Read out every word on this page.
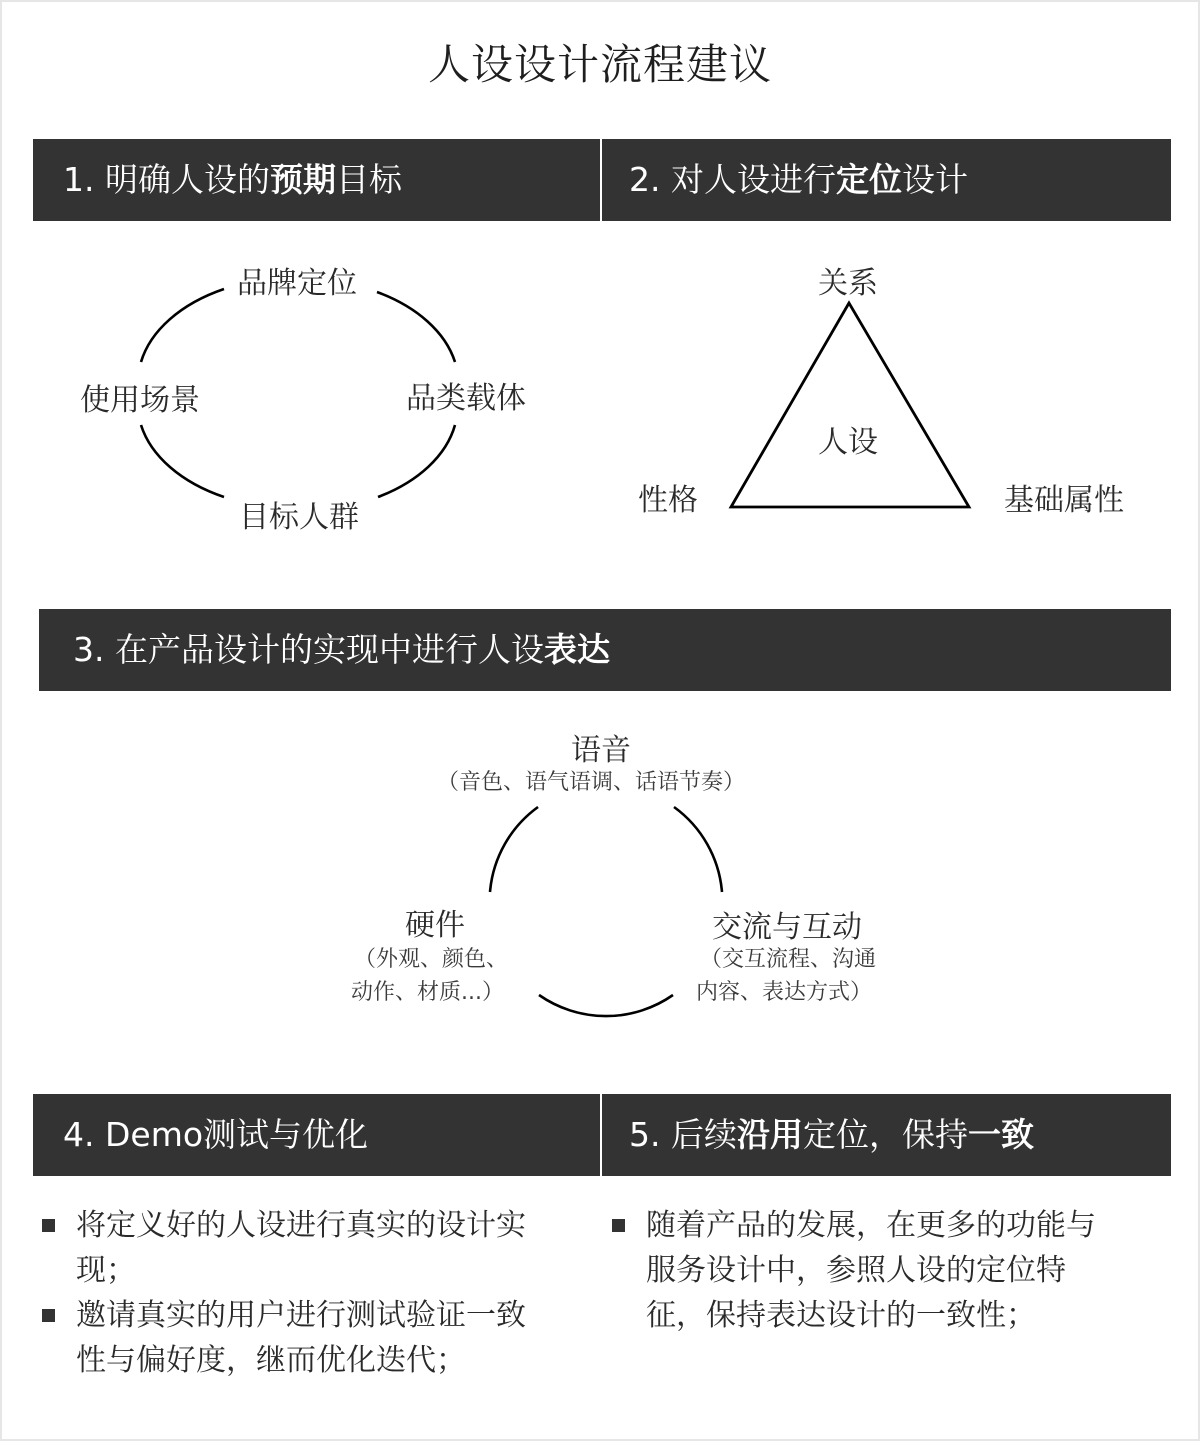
人设设计流程建议
1. 明确人设的预期目标	2. 对人设进行定位设计
3. 在产品设计的实现中进行人设表达
4. Demo测试与优化	5. 后续沿用定位，保持一致
品牌定位
品类载体
目标人群
使用场景
关系
人设
性格	基础属性
语音
（音色、语气语调、话语节奏）
硬件
（外观、颜色、
动作、材质...）
交流与互动
（交互流程、沟通
内容、表达方式）
将定义好的人设进行真实的设计实
现；
邀请真实的用户进行测试验证一致
性与偏好度，继而优化迭代；
随着产品的发展，在更多的功能与
服务设计中，参照人设的定位特
征，保持表达设计的一致性；
